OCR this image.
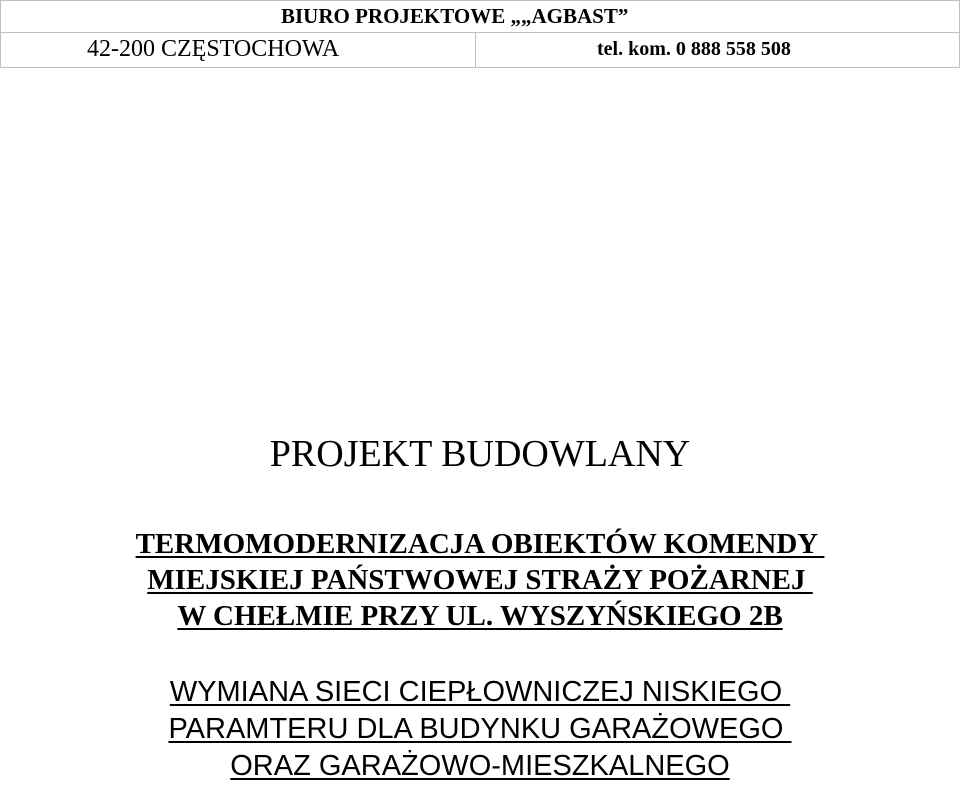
BIURO PROJEKTOWE „„AGBAST”
42-200 CZĘSTOCHOWA	tel. kom. 0 888 558 508
PROJEKT BUDOWLANY
TERMOMODERNIZACJA OBIEKTÓW KOMENDY
MIEJSKIEJ PAŃSTWOWEJ STRAŻY POŻARNEJ
W CHEŁMIE PRZY UL. WYSZYŃSKIEGO 2B
WYMIANA SIECI CIEPŁOWNICZEJ NISKIEGO
PARAMTERU DLA BUDYNKU GARAŻOWEGO
ORAZ GARAŻOWO-MIESZKALNEGO
